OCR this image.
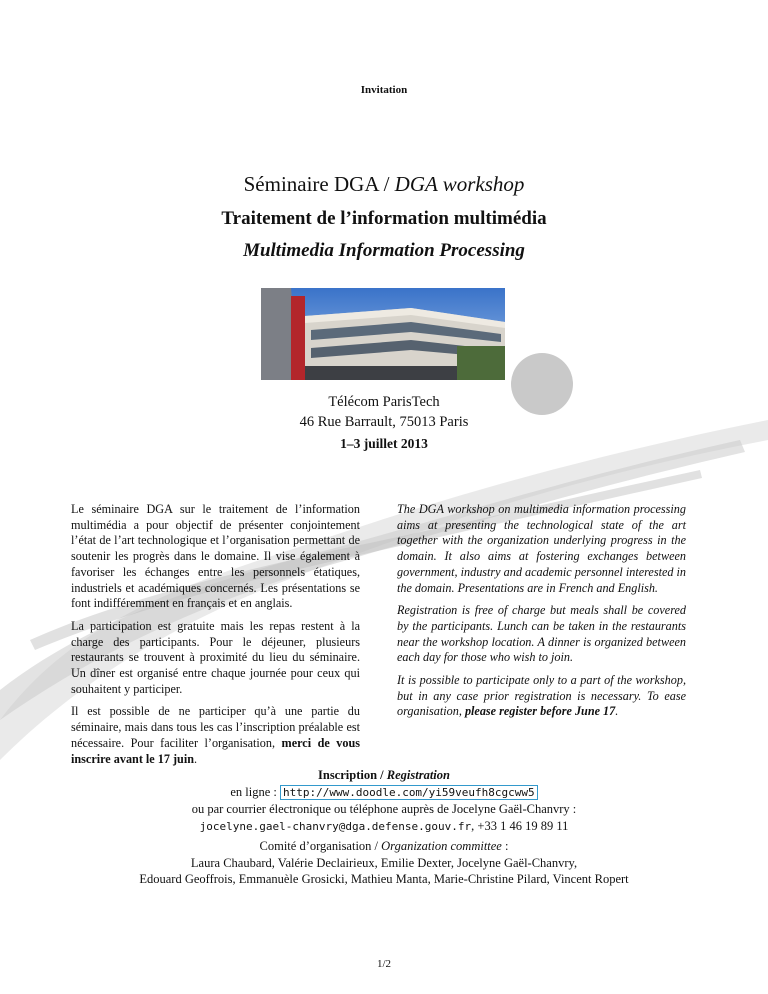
Invitation
Séminaire DGA / DGA workshop
Traitement de l’information multimédia
Multimedia Information Processing
Télécom ParisTech
46 Rue Barrault, 75013 Paris
1–3 juillet 2013

Le séminaire DGA sur le traitement de l’information multimédia a pour objectif de présenter conjointement l’état de l’art technologique et l’organisation permettant de soutenir les progrès dans le domaine. Il vise également à favoriser les échanges entre les personnels étatiques, industriels et académiques concernés. Les présentations se font indifféremment en français et en anglais.

La participation est gratuite mais les repas restent à la charge des participants. Pour le déjeuner, plusieurs restaurants se trouvent à proximité du lieu du séminaire. Un dîner est organisé entre chaque journée pour ceux qui souhaitent y participer.

Il est possible de ne participer qu’à une partie du séminaire, mais dans tous les cas l’inscription préalable est nécessaire. Pour faciliter l’organisation, merci de vous inscrire avant le 17 juin.

The DGA workshop on multimedia information processing aims at presenting the technological state of the art together with the organization underlying progress in the domain. It also aims at fostering exchanges between government, industry and academic personnel interested in the domain. Presentations are in French and English.

Registration is free of charge but meals shall be covered by the participants. Lunch can be taken in the restaurants near the workshop location. A dinner is organized between each day for those who wish to join.

It is possible to participate only to a part of the workshop, but in any case prior registration is necessary. To ease organisation, please register before June 17.

Inscription / Registration
en ligne : http://www.doodle.com/yi59veufh8cgcww5
ou par courrier électronique ou téléphone auprès de Jocelyne Gaël-Chanvry :
jocelyne.gael-chanvry@dga.defense.gouv.fr, +33 1 46 19 89 11
Comité d’organisation / Organization committee :
Laura Chaubard, Valérie Declairieux, Emilie Dexter, Jocelyne Gaël-Chanvry,
Edouard Geoffrois, Emmanuèle Grosicki, Mathieu Manta, Marie-Christine Pilard, Vincent Ropert
1/2
